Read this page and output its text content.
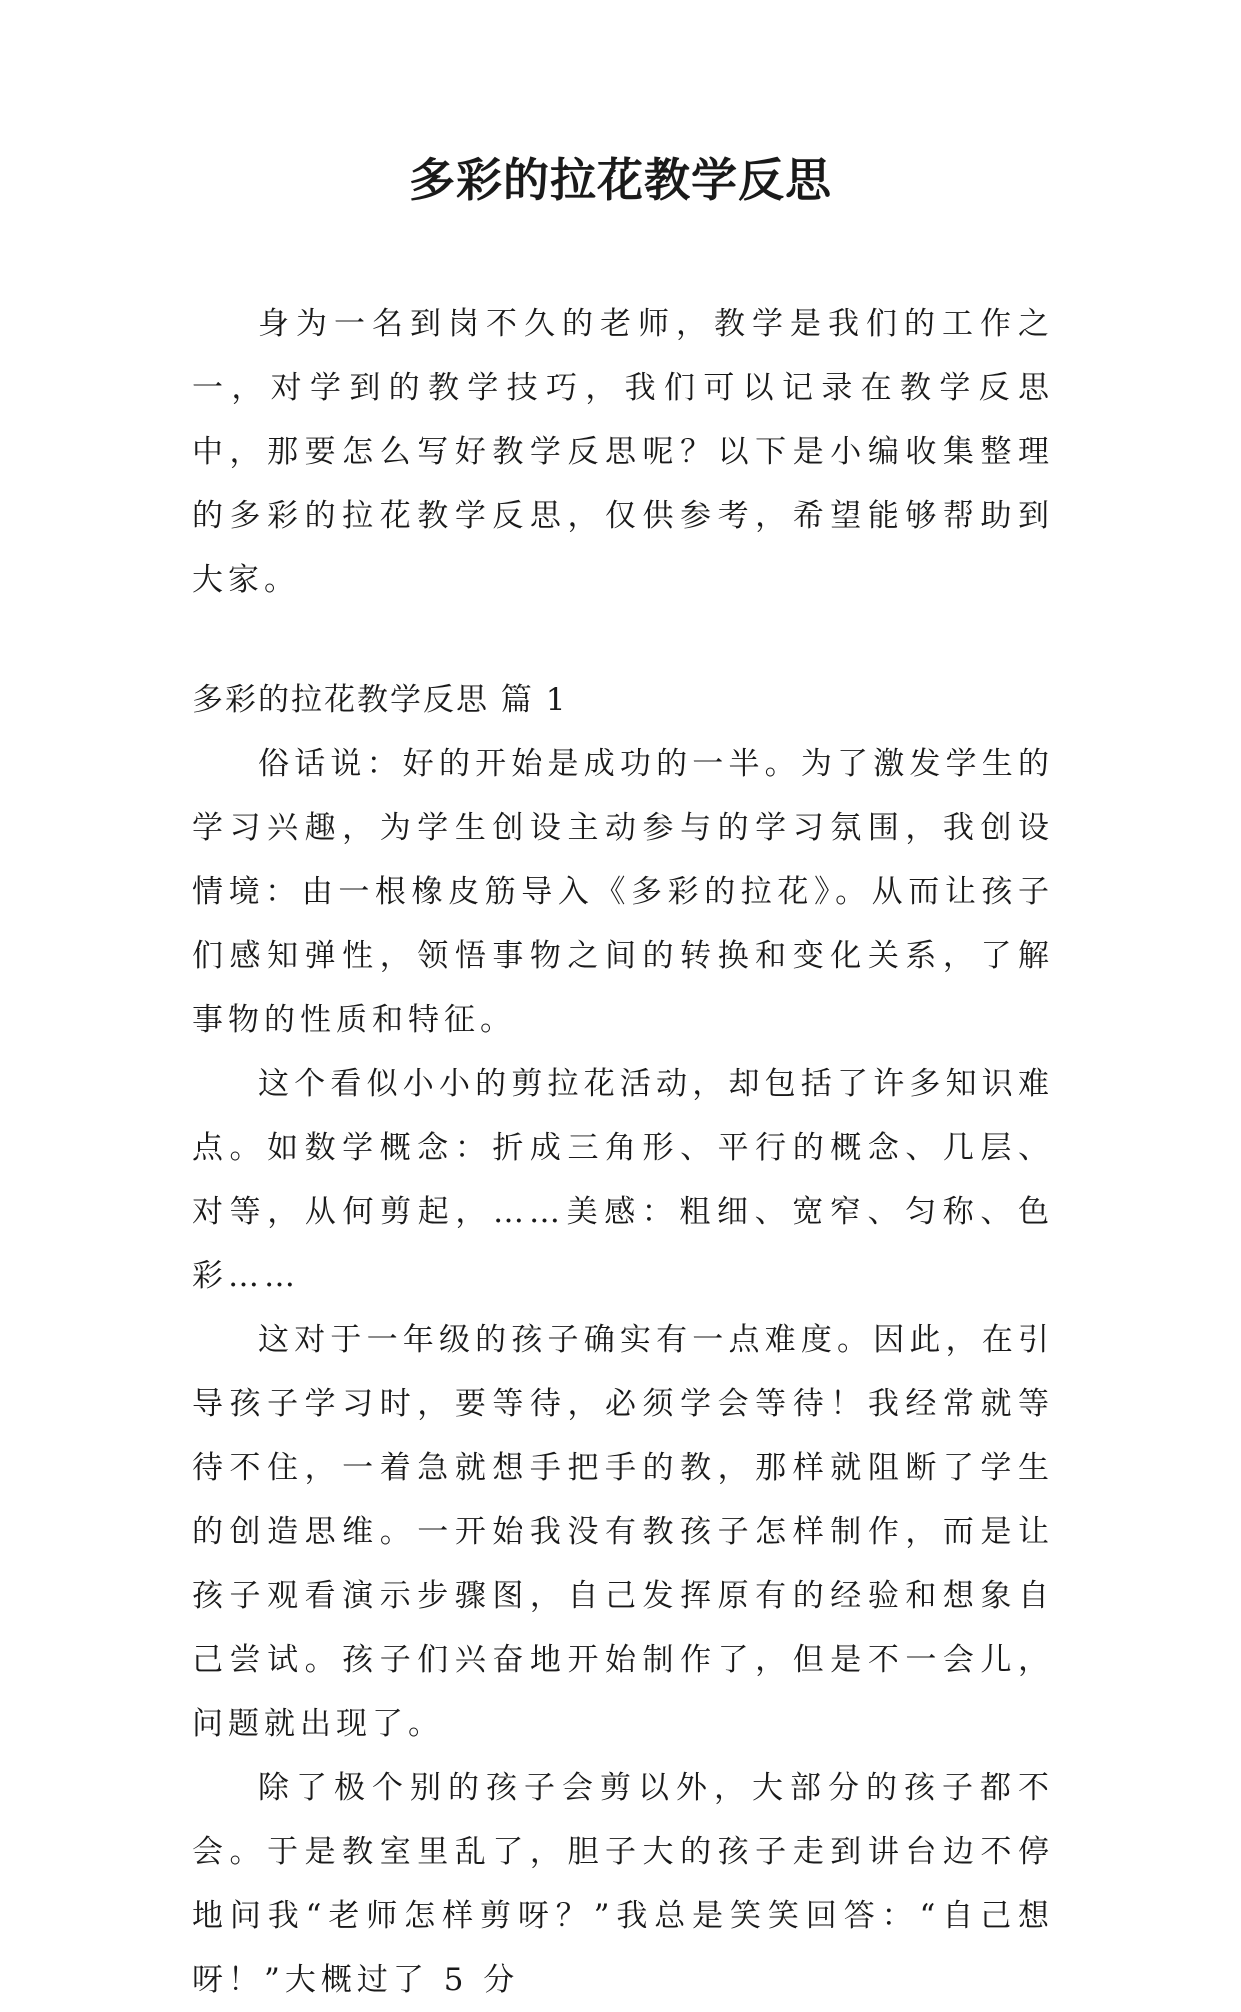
多彩的拉花教学反思

身为一名到岗不久的老师，教学是我们的工作之一，对学到的教学技巧，我们可以记录在教学反思中，那要怎么写好教学反思呢？以下是小编收集整理的多彩的拉花教学反思，仅供参考，希望能够帮助到大家。

多彩的拉花教学反思 篇 1

俗话说：好的开始是成功的一半。为了激发学生的学习兴趣，为学生创设主动参与的学习氛围，我创设情境：由一根橡皮筋导入《多彩的拉花》。从而让孩子们感知弹性，领悟事物之间的转换和变化关系，了解事物的性质和特征。

这个看似小小的剪拉花活动，却包括了许多知识难点。如数学概念：折成三角形、平行的概念、几层、对等，从何剪起，……美感：粗细、宽窄、匀称、色彩……

这对于一年级的孩子确实有一点难度。因此，在引导孩子学习时，要等待，必须学会等待！我经常就等待不住，一着急就想手把手的教，那样就阻断了学生的创造思维。一开始我没有教孩子怎样制作，而是让孩子观看演示步骤图，自己发挥原有的经验和想象自己尝试。孩子们兴奋地开始制作了，但是不一会儿，问题就出现了。

除了极个别的孩子会剪以外，大部分的孩子都不会。于是教室里乱了，胆子大的孩子走到讲台边不停地问我“老师怎样剪呀？”我总是笑笑回答：“自己想呀！”大概过了 5 分
